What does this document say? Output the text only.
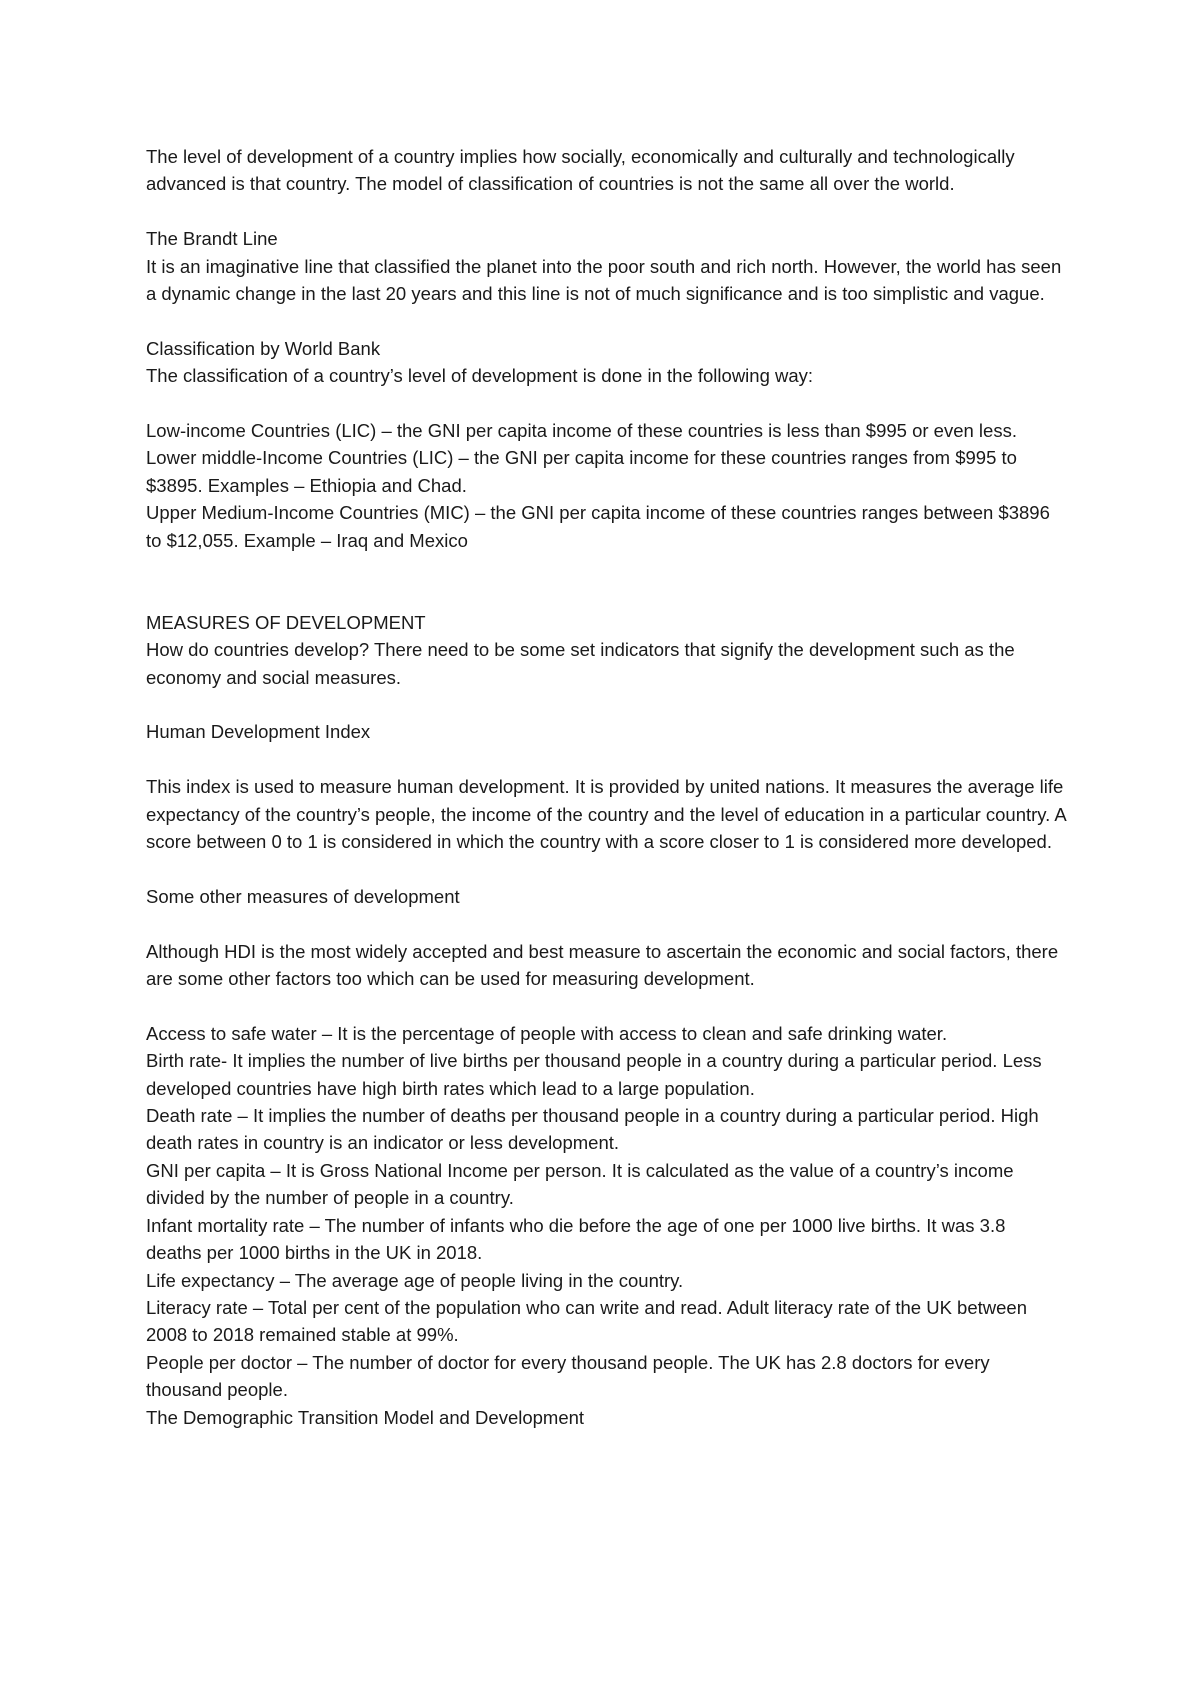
The level of development of a country implies how socially, economically and culturally and technologically advanced is that country. The model of classification of countries is not the same all over the world.

The Brandt Line

It is an imaginative line that classified the planet into the poor south and rich north. However, the world has seen a dynamic change in the last 20 years and this line is not of much significance and is too simplistic and vague.

Classification by World Bank

The classification of a country’s level of development is done in the following way:

Low-income Countries (LIC) – the GNI per capita income of these countries is less than $995 or even less.

Lower middle-Income Countries (LIC) – the GNI per capita income for these countries ranges from $995 to $3895. Examples – Ethiopia and Chad.

Upper Medium-Income Countries (MIC) – the GNI per capita income of these countries ranges between $3896 to $12,055. Example – Iraq and Mexico

MEASURES OF DEVELOPMENT

How do countries develop? There need to be some set indicators that signify the development such as the economy and social measures.

Human Development Index

This index is used to measure human development. It is provided by united nations. It measures the average life expectancy of the country’s people, the income of the country and the level of education in a particular country. A score between 0 to 1 is considered in which the country with a score closer to 1 is considered more developed.

Some other measures of development

Although HDI is the most widely accepted and best measure to ascertain the economic and social factors, there are some other factors too which can be used for measuring development.

Access to safe water – It is the percentage of people with access to clean and safe drinking water.

Birth rate- It implies the number of live births per thousand people in a country during a particular period. Less developed countries have high birth rates which lead to a large population.

Death rate – It implies the number of deaths per thousand people in a country during a particular period. High death rates in country is an indicator or less development.

GNI per capita – It is Gross National Income per person. It is calculated as the value of a country’s income divided by the number of people in a country.

Infant mortality rate – The number of infants who die before the age of one per 1000 live births. It was 3.8 deaths per 1000 births in the UK in 2018.

Life expectancy – The average age of people living in the country.

Literacy rate – Total per cent of the population who can write and read. Adult literacy rate of the UK between 2008 to 2018 remained stable at 99%.

People per doctor – The number of doctor for every thousand people. The UK has 2.8 doctors for every thousand people.

The Demographic Transition Model and Development
